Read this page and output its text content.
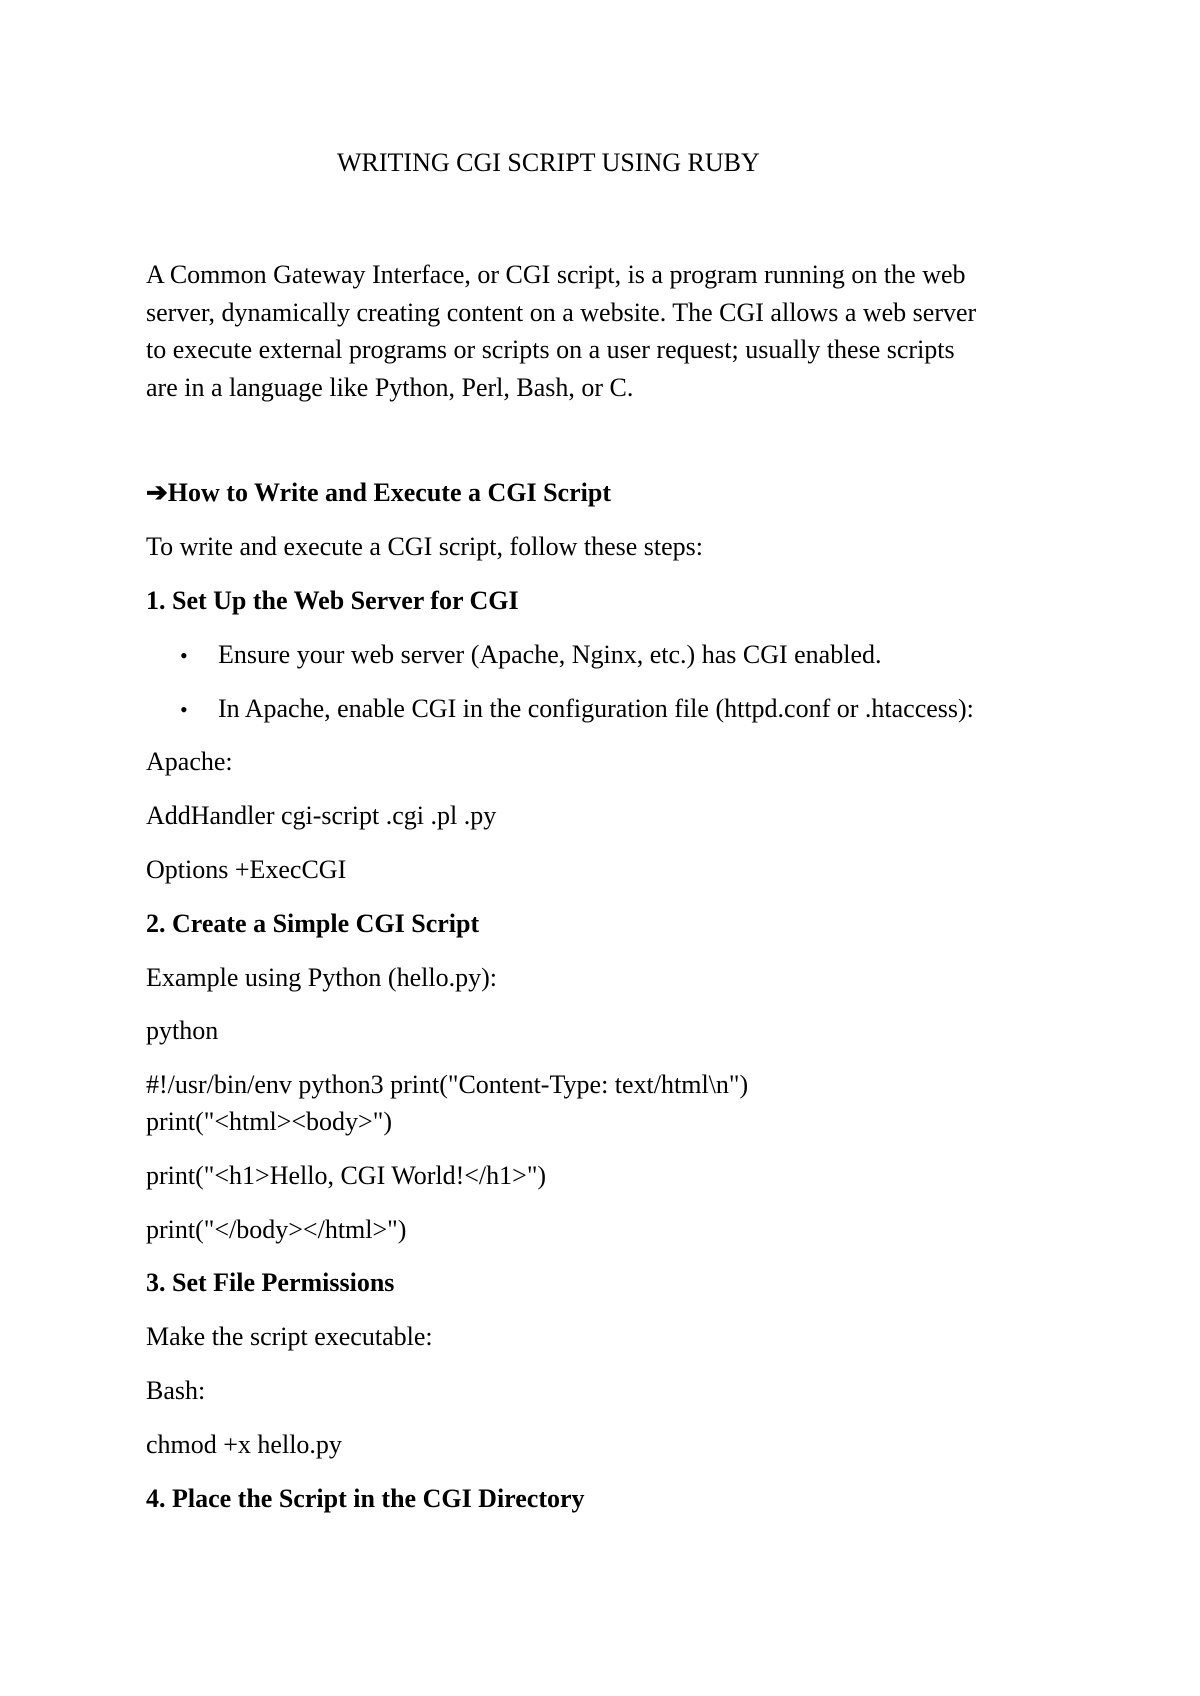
WRITING CGI SCRIPT USING RUBY
A Common Gateway Interface, or CGI script, is a program running on the web
server, dynamically creating content on a website. The CGI allows a web server
to execute external programs or scripts on a user request; usually these scripts
are in a language like Python, Perl, Bash, or C.
➔How to Write and Execute a CGI Script
To write and execute a CGI script, follow these steps:
1. Set Up the Web Server for CGI
• Ensure your web server (Apache, Nginx, etc.) has CGI enabled.
• In Apache, enable CGI in the configuration file (httpd.conf or .htaccess):
Apache:
AddHandler cgi-script .cgi .pl .py
Options +ExecCGI
2. Create a Simple CGI Script
Example using Python (hello.py):
python
#!/usr/bin/env python3 print("Content-Type: text/html\n")
print("<html><body>")
print("<h1>Hello, CGI World!</h1>")
print("</body></html>")
3. Set File Permissions
Make the script executable:
Bash:
chmod +x hello.py
4. Place the Script in the CGI Directory
